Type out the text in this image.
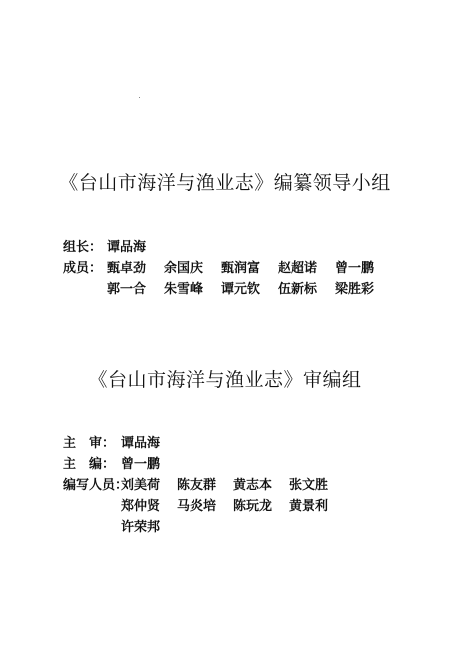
《台山市海洋与渔业志》编纂领导小组
组长： 谭品海
成员： 甄卓劲	余国庆	甄润富	赵超诺	曾一鹏
郭一合	朱雪峰	谭元钦	伍新标	梁胜彩
《台山市海洋与渔业志》审编组
主 审： 谭品海
主 编： 曾一鹏
编写人员：
刘美荷	陈友群	黄志本	张文胜
郑仲贤	马炎培	陈玩龙	黄景利
许荣邦
